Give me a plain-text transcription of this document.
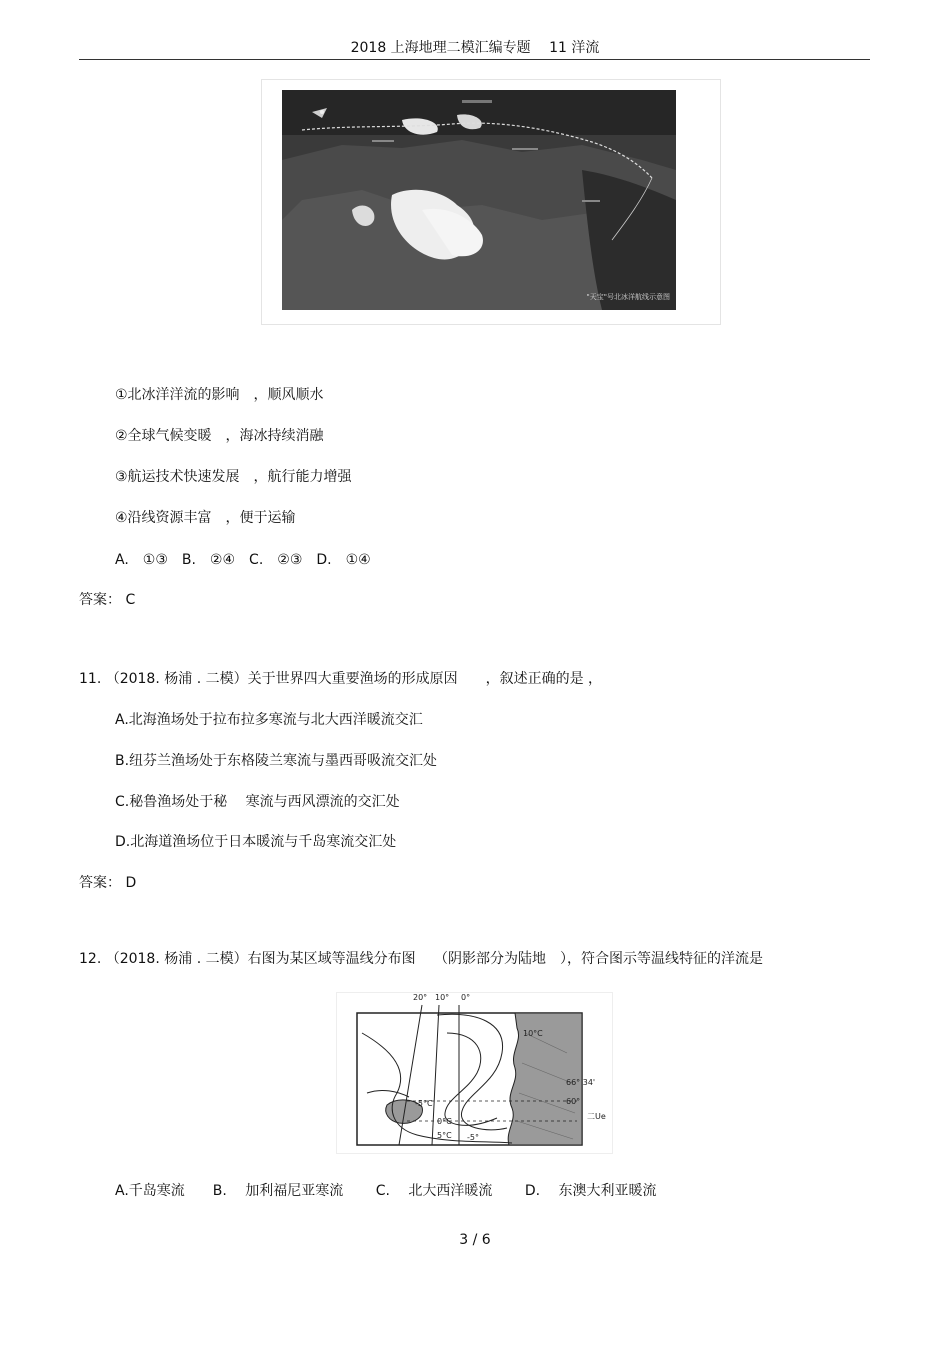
2018 上海地理二模汇编专题　 11 洋流
"天宝"号北冰洋航线示意图
①北冰洋洋流的影响　，顺风顺水
②全球气候变暖　，海冰持续消融
③航运技术快速发展　，航行能力增强
④沿线资源丰富　，便于运输
A.　①③　B.　②④　C.　②③　D.　①④
答案： C
11. （2018. 杨浦 . 二模）关于世界四大重要渔场的形成原因　　，叙述正确的是 ，
A.北海渔场处于拉布拉多寒流与北大西洋暖流交汇
B.纽芬兰渔场处于东格陵兰寒流与墨西哥吸流交汇处
C.秘鲁渔场处于秘　 寒流与西风漂流的交汇处
D.北海道渔场位于日本暖流与千岛寒流交汇处
答案： D
12. （2018. 杨浦 . 二模）右图为某区域等温线分布图　 （阴影部分为陆地　），符合图示等温线特征的洋流是
20° 10° 0°
10°C
66° 34'
60°
-5°C
0°C
5°C -5°
二Ue
A.千岛寒流　　B.　 加利福尼亚寒流　　 C.　 北大西洋暖流　　 D.　 东澳大利亚暖流
3 / 6
